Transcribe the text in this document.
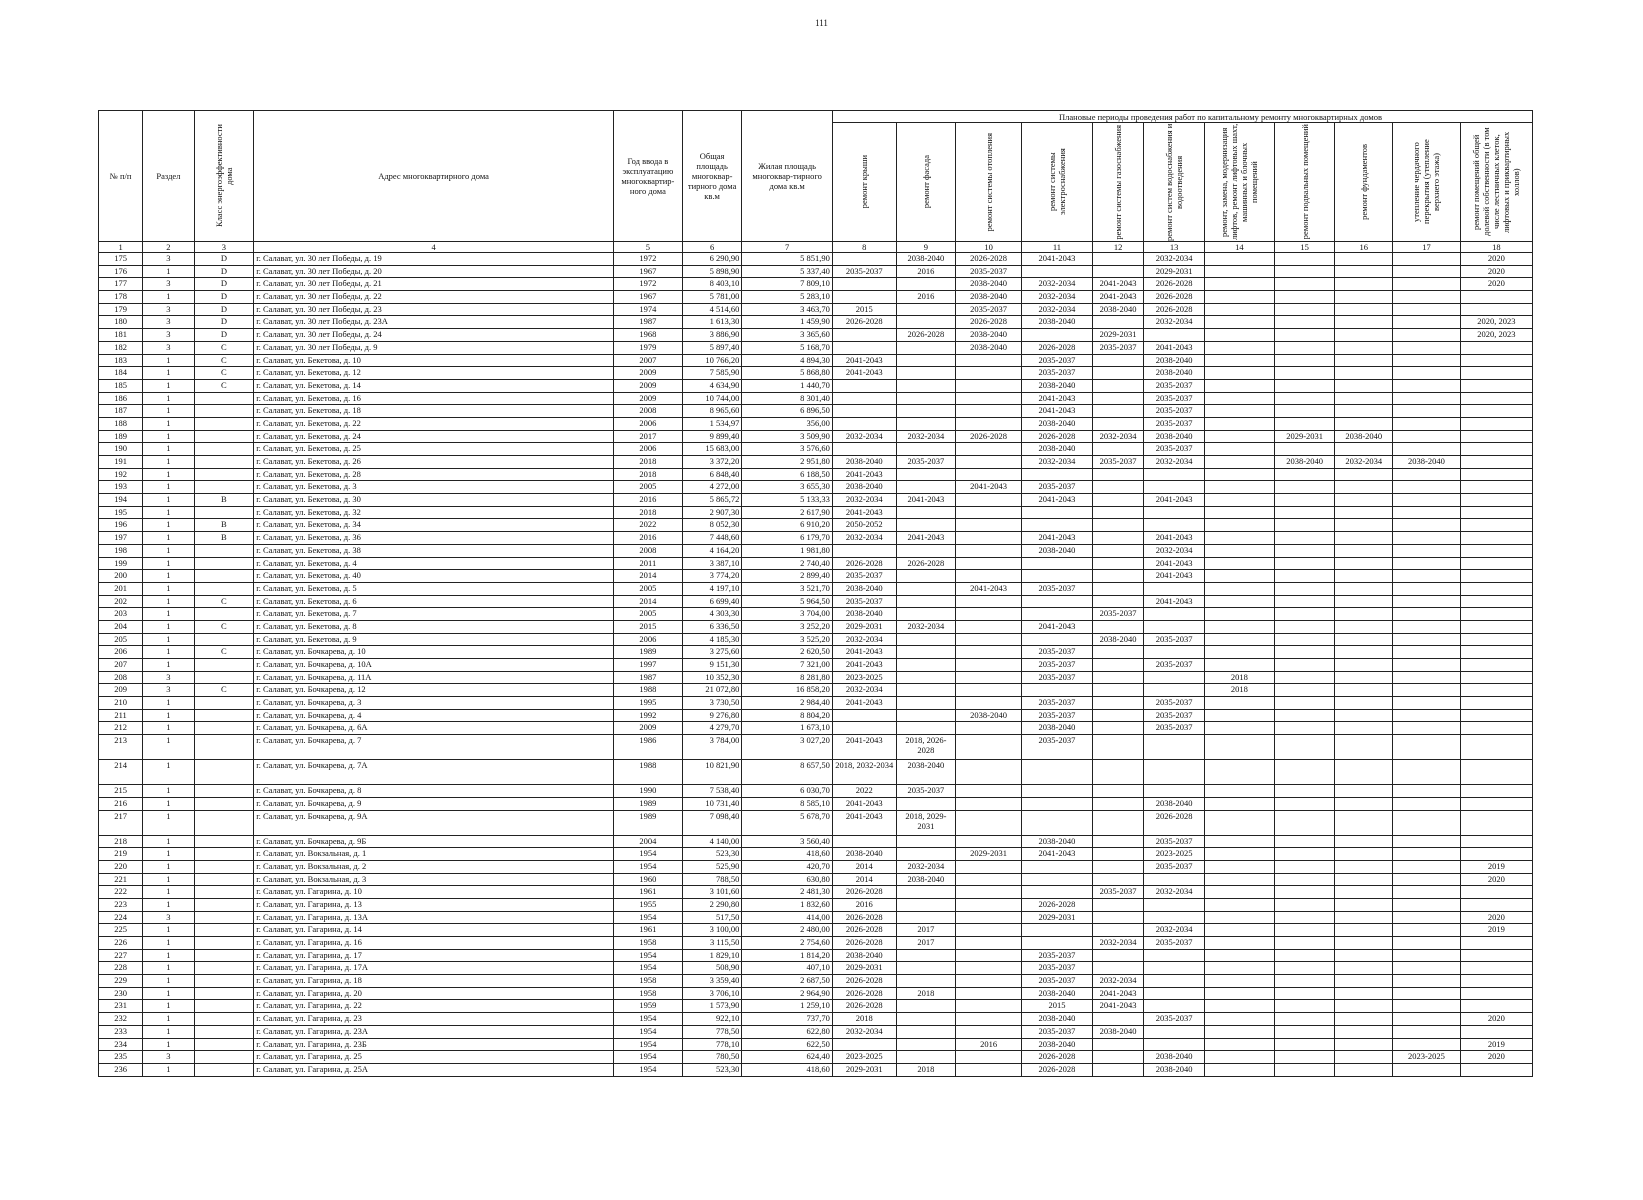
111
№ п/п	Раздел	Класс энергоэффективности дома	Адрес многоквартирного дома	Год ввода в эксплуатацию многоквартир-ного дома	Общая площадь многоквар-тирного дома кв.м	Жилая площадь многоквар-тирного дома кв.м	Плановые периоды проведения работ по капитальному ремонту многоквартирных домов										

							ремонт крыши	ремонт фасада	ремонт системы отопления	ремонт системы электроснабжения	ремонт системы газоснабжения	ремонт систем водоснабжения и водоотведения	ремонт, замена, модернизация лифтов, ремонт лифтовых шахт, машинных и блочных помещений	ремонт подвальных помещений	ремонт фундаментов	утепление чердачного перекрытия (утепление верхнего этажа)	ремонт помещений общей долевой собственности (в том числе лестничных клеток, лифтовых и приквартирных холлов)

1	2	3	4	5	6	7	8	9	10	11	12	13	14	15	16	17	18
175	3	D	г. Салават, ул. 30 лет Победы, д. 19	1972	6 290,90	5 851,90		2038-2040	2026-2028	2041-2043		2032-2034					2020
176	1	D	г. Салават, ул. 30 лет Победы, д. 20	1967	5 898,90	5 337,40	2035-2037	2016	2035-2037			2029-2031					2020
177	3	D	г. Салават, ул. 30 лет Победы, д. 21	1972	8 403,10	7 809,10			2038-2040	2032-2034	2041-2043	2026-2028					2020
178	1	D	г. Салават, ул. 30 лет Победы, д. 22	1967	5 781,00	5 283,10		2016	2038-2040	2032-2034	2041-2043	2026-2028					
179	3	D	г. Салават, ул. 30 лет Победы, д. 23	1974	4 514,60	3 463,70	2015		2035-2037	2032-2034	2038-2040	2026-2028					
180	3	D	г. Салават, ул. 30 лет Победы, д. 23А	1987	1 613,30	1 459,90	2026-2028		2026-2028	2038-2040		2032-2034					2020, 2023
181	3	D	г. Салават, ул. 30 лет Победы, д. 24	1968	3 886,90	3 365,60		2026-2028	2038-2040		2029-2031						2020, 2023
182	3	C	г. Салават, ул. 30 лет Победы, д. 9	1979	5 897,40	5 168,70			2038-2040	2026-2028	2035-2037	2041-2043					
183	1	C	г. Салават, ул. Бекетова, д. 10	2007	10 766,20	4 894,30	2041-2043			2035-2037		2038-2040					
184	1	C	г. Салават, ул. Бекетова, д. 12	2009	7 585,90	5 868,80	2041-2043			2035-2037		2038-2040					
185	1	C	г. Салават, ул. Бекетова, д. 14	2009	4 634,90	1 440,70				2038-2040		2035-2037					
186	1		г. Салават, ул. Бекетова, д. 16	2009	10 744,00	8 301,40				2041-2043		2035-2037					
187	1		г. Салават, ул. Бекетова, д. 18	2008	8 965,60	6 896,50				2041-2043		2035-2037					
188	1		г. Салават, ул. Бекетова, д. 22	2006	1 534,97	356,00				2038-2040		2035-2037					
189	1		г. Салават, ул. Бекетова, д. 24	2017	9 899,40	3 509,90	2032-2034	2032-2034	2026-2028	2026-2028	2032-2034	2038-2040		2029-2031	2038-2040		
190	1		г. Салават, ул. Бекетова, д. 25	2006	15 683,00	3 576,60				2038-2040		2035-2037					
191	1		г. Салават, ул. Бекетова, д. 26	2018	3 372,20	2 951,80	2038-2040	2035-2037		2032-2034	2035-2037	2032-2034		2038-2040	2032-2034	2038-2040	
192	1		г. Салават, ул. Бекетова, д. 28	2018	6 848,40	6 188,50	2041-2043										
193	1		г. Салават, ул. Бекетова, д. 3	2005	4 272,00	3 655,30	2038-2040		2041-2043	2035-2037							
194	1	B	г. Салават, ул. Бекетова, д. 30	2016	5 865,72	5 133,33	2032-2034	2041-2043		2041-2043		2041-2043					
195	1		г. Салават, ул. Бекетова, д. 32	2018	2 907,30	2 617,90	2041-2043										
196	1	B	г. Салават, ул. Бекетова, д. 34	2022	8 052,30	6 910,20	2050-2052										
197	1	B	г. Салават, ул. Бекетова, д. 36	2016	7 448,60	6 179,70	2032-2034	2041-2043		2041-2043		2041-2043					
198	1		г. Салават, ул. Бекетова, д. 38	2008	4 164,20	1 981,80				2038-2040		2032-2034					
199	1		г. Салават, ул. Бекетова, д. 4	2011	3 387,10	2 740,40	2026-2028	2026-2028				2041-2043					
200	1		г. Салават, ул. Бекетова, д. 40	2014	3 774,20	2 899,40	2035-2037					2041-2043					
201	1		г. Салават, ул. Бекетова, д. 5	2005	4 197,10	3 521,70	2038-2040		2041-2043	2035-2037							
202	1	C	г. Салават, ул. Бекетова, д. 6	2014	6 699,40	5 964,50	2035-2037					2041-2043					
203	1		г. Салават, ул. Бекетова, д. 7	2005	4 303,30	3 704,00	2038-2040				2035-2037						
204	1	C	г. Салават, ул. Бекетова, д. 8	2015	6 336,50	3 252,20	2029-2031	2032-2034		2041-2043							
205	1		г. Салават, ул. Бекетова, д. 9	2006	4 185,30	3 525,20	2032-2034				2038-2040	2035-2037					
206	1	C	г. Салават, ул. Бочкарева, д. 10	1989	3 275,60	2 620,50	2041-2043			2035-2037							
207	1		г. Салават, ул. Бочкарева, д. 10А	1997	9 151,30	7 321,00	2041-2043			2035-2037		2035-2037					
208	3		г. Салават, ул. Бочкарева, д. 11А	1987	10 352,30	8 281,80	2023-2025			2035-2037			2018				
209	3	C	г. Салават, ул. Бочкарева, д. 12	1988	21 072,80	16 858,20	2032-2034						2018				
210	1		г. Салават, ул. Бочкарева, д. 3	1995	3 730,50	2 984,40	2041-2043			2035-2037		2035-2037					
211	1		г. Салават, ул. Бочкарева, д. 4	1992	9 276,80	8 804,20			2038-2040	2035-2037		2035-2037					
212	1		г. Салават, ул. Бочкарева, д. 6А	2009	4 279,70	1 673,10				2038-2040		2035-2037					
213	1		г. Салават, ул. Бочкарева, д. 7	1986	3 784,00	3 027,20	2041-2043	2018, 2026-2028		2035-2037							
214	1		г. Салават, ул. Бочкарева, д. 7А	1988	10 821,90	8 657,50	2018, 2032-2034	2038-2040									
215	1		г. Салават, ул. Бочкарева, д. 8	1990	7 538,40	6 030,70	2022	2035-2037									
216	1		г. Салават, ул. Бочкарева, д. 9	1989	10 731,40	8 585,10	2041-2043					2038-2040					
217	1		г. Салават, ул. Бочкарева, д. 9А	1989	7 098,40	5 678,70	2041-2043	2018, 2029-2031				2026-2028					
218	1		г. Салават, ул. Бочкарева, д. 9Б	2004	4 140,00	3 560,40				2038-2040		2035-2037					
219	1		г. Салават, ул. Вокзальная, д. 1	1954	523,30	418,60	2038-2040		2029-2031	2041-2043		2023-2025					
220	1		г. Салават, ул. Вокзальная, д. 2	1954	525,90	420,70	2014	2032-2034				2035-2037					2019
221	1		г. Салават, ул. Вокзальная, д. 3	1960	788,50	630,80	2014	2038-2040									2020
222	1		г. Салават, ул. Гагарина, д. 10	1961	3 101,60	2 481,30	2026-2028				2035-2037	2032-2034					
223	1		г. Салават, ул. Гагарина, д. 13	1955	2 290,80	1 832,60	2016			2026-2028							
224	3		г. Салават, ул. Гагарина, д. 13А	1954	517,50	414,00	2026-2028			2029-2031							2020
225	1		г. Салават, ул. Гагарина, д. 14	1961	3 100,00	2 480,00	2026-2028	2017				2032-2034					2019
226	1		г. Салават, ул. Гагарина, д. 16	1958	3 115,50	2 754,60	2026-2028	2017			2032-2034	2035-2037					
227	1		г. Салават, ул. Гагарина, д. 17	1954	1 829,10	1 814,20	2038-2040			2035-2037							
228	1		г. Салават, ул. Гагарина, д. 17А	1954	508,90	407,10	2029-2031			2035-2037							
229	1		г. Салават, ул. Гагарина, д. 18	1958	3 359,40	2 687,50	2026-2028			2035-2037	2032-2034						
230	1		г. Салават, ул. Гагарина, д. 20	1958	3 706,10	2 964,90	2026-2028	2018		2038-2040	2041-2043						
231	1		г. Салават, ул. Гагарина, д. 22	1959	1 573,90	1 259,10	2026-2028			2015	2041-2043						
232	1		г. Салават, ул. Гагарина, д. 23	1954	922,10	737,70	2018			2038-2040		2035-2037					2020
233	1		г. Салават, ул. Гагарина, д. 23А	1954	778,50	622,80	2032-2034			2035-2037	2038-2040						
234	1		г. Салават, ул. Гагарина, д. 23Б	1954	778,10	622,50			2016	2038-2040							2019
235	3		г. Салават, ул. Гагарина, д. 25	1954	780,50	624,40	2023-2025			2026-2028		2038-2040				2023-2025	2020
236	1		г. Салават, ул. Гагарина, д. 25А	1954	523,30	418,60	2029-2031	2018		2026-2028		2038-2040					
